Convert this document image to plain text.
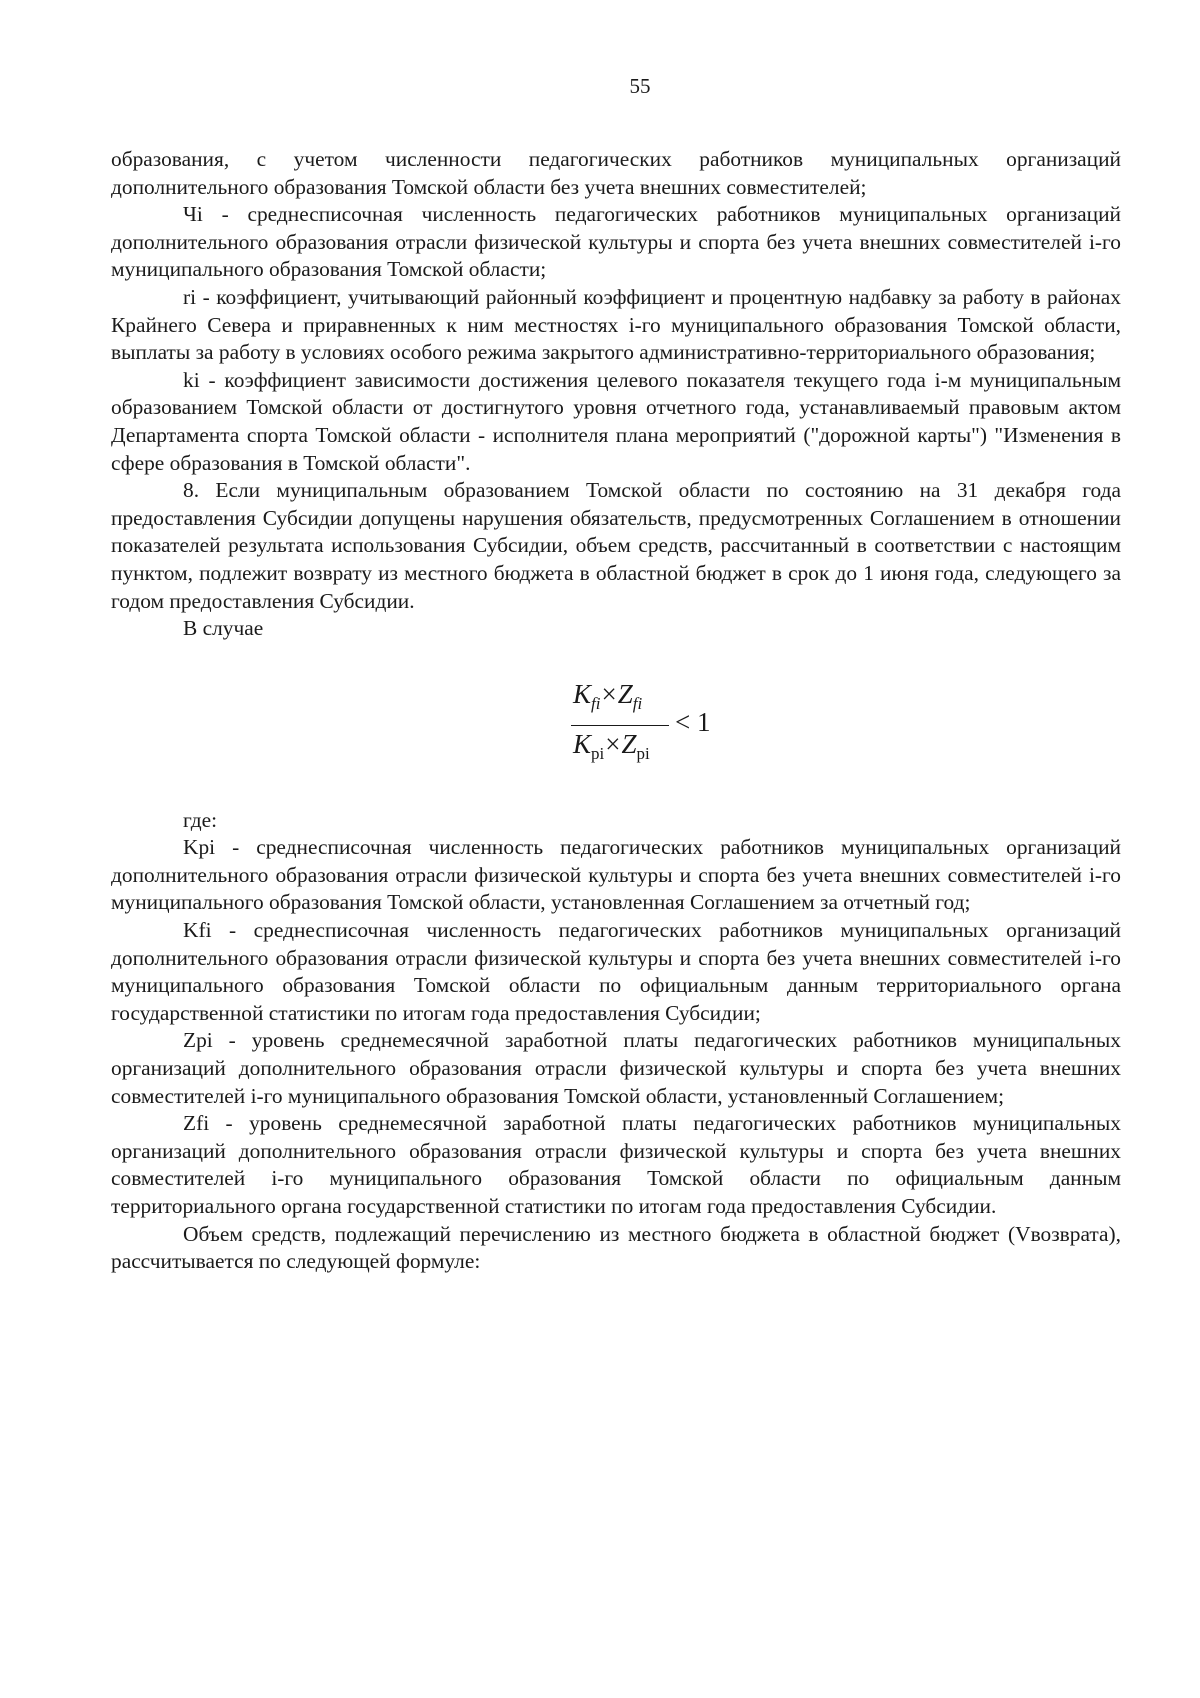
55

образования, с учетом численности педагогических работников муниципальных организаций дополнительного образования Томской области без учета внешних совместителей;

Чi - среднесписочная численность педагогических работников муниципальных организаций дополнительного образования отрасли физической культуры и спорта без учета внешних совместителей i-го муниципального образования Томской области;

ri - коэффициент, учитывающий районный коэффициент и процентную надбавку за работу в районах Крайнего Севера и приравненных к ним местностях i-го муниципального образования Томской области, выплаты за работу в условиях особого режима закрытого административно-территориального образования;

ki - коэффициент зависимости достижения целевого показателя текущего года i-м муниципальным образованием Томской области от достигнутого уровня отчетного года, устанавливаемый правовым актом Департамента спорта Томской области - исполнителя плана мероприятий ("дорожной карты") "Изменения в сфере образования в Томской области".

8. Если муниципальным образованием Томской области по состоянию на 31 декабря года предоставления Субсидии допущены нарушения обязательств, предусмотренных Соглашением в отношении показателей результата использования Субсидии, объем средств, рассчитанный в соответствии с настоящим пунктом, подлежит возврату из местного бюджета в областной бюджет в срок до 1 июня года, следующего за годом предоставления Субсидии.

В случае

$K_{fi}\times Z_{fi}$
$K_{pi}\times Z_{pi}$
< 1

где:

Kpi - среднесписочная численность педагогических работников муниципальных организаций дополнительного образования отрасли физической культуры и спорта без учета внешних совместителей i-го муниципального образования Томской области, установленная Соглашением за отчетный год;

Kfi - среднесписочная численность педагогических работников муниципальных организаций дополнительного образования отрасли физической культуры и спорта без учета внешних совместителей i-го муниципального образования Томской области по официальным данным территориального органа государственной статистики по итогам года предоставления Субсидии;

Zpi - уровень среднемесячной заработной платы педагогических работников муниципальных организаций дополнительного образования отрасли физической культуры и спорта без учета внешних совместителей i-го муниципального образования Томской области, установленный Соглашением;

Zfi - уровень среднемесячной заработной платы педагогических работников муниципальных организаций дополнительного образования отрасли физической культуры и спорта без учета внешних совместителей i-го муниципального образования Томской области по официальным данным территориального органа государственной статистики по итогам года предоставления Субсидии.

Объем средств, подлежащий перечислению из местного бюджета в областной бюджет (Vвозврата), рассчитывается по следующей формуле:
